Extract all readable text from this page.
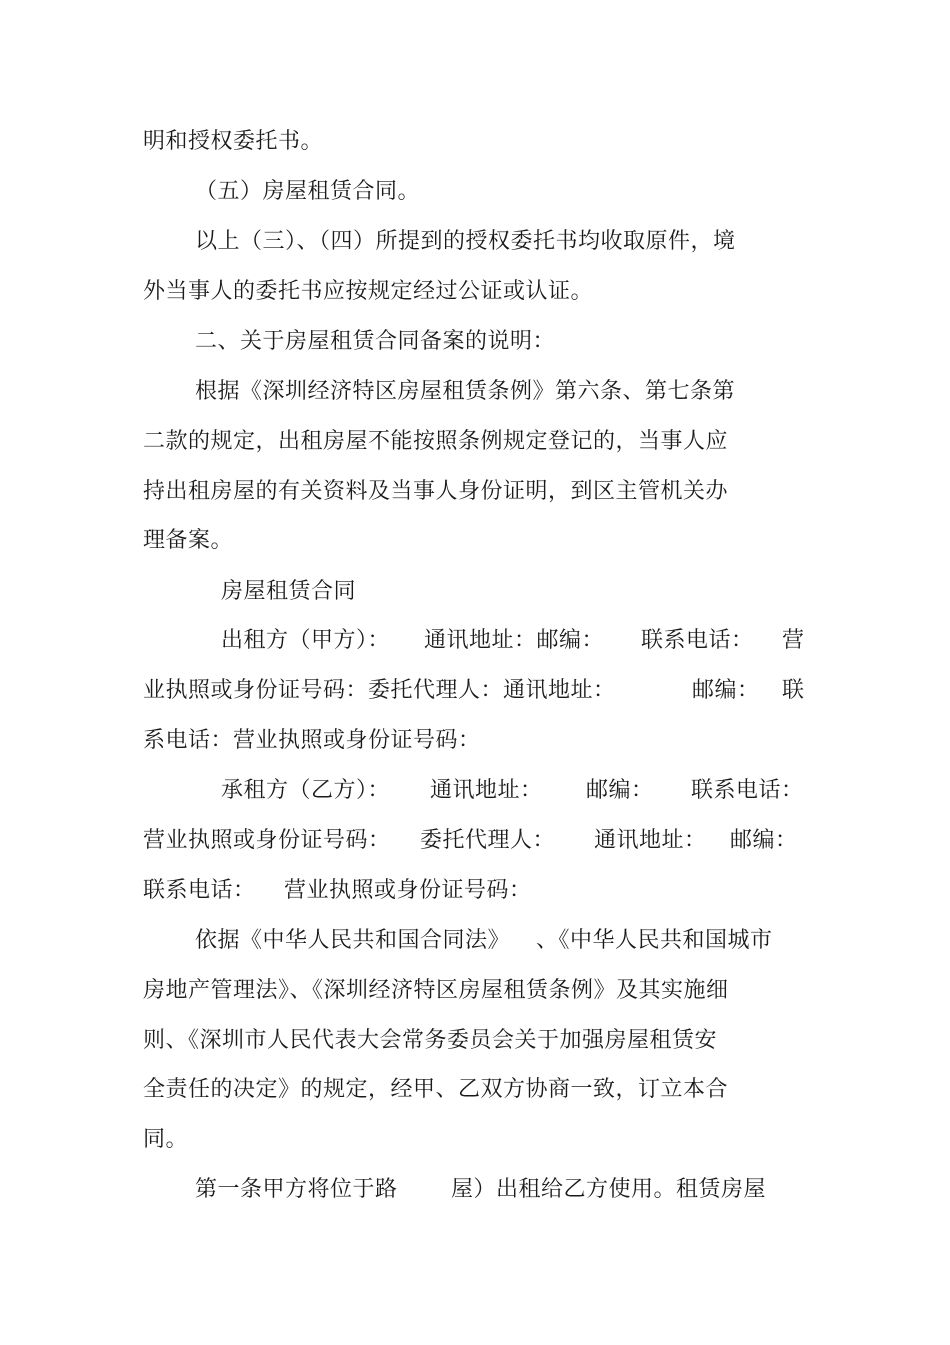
明和授权委托书。
（五）房屋租赁合同。
以上（三）、（四）所提到的授权委托书均收取原件，境
外当事人的委托书应按规定经过公证或认证。
二、关于房屋租赁合同备案的说明：
根据《深圳经济特区房屋租赁条例》第六条、第七条第
二款的规定，出租房屋不能按照条例规定登记的，当事人应
持出租房屋的有关资料及当事人身份证明，到区主管机关办
理备案。
房屋租赁合同
出租方（甲方）： 通讯地址：邮编： 联系电话： 营
业执照或身份证号码：委托代理人：通讯地址：	邮编： 联
系电话：营业执照或身份证号码：
承租方（乙方）： 通讯地址： 邮编： 联系电话：
营业执照或身份证号码： 委托代理人： 通讯地址： 邮编：
联系电话： 营业执照或身份证号码：
依据《中华人民共和国合同法》 、《中华人民共和国城市
房地产管理法》、《深圳经济特区房屋租赁条例》及其实施细
则、《深圳市人民代表大会常务委员会关于加强房屋租赁安
全责任的决定》的规定，经甲、乙双方协商一致，订立本合
同。
第一条甲方将位于路 屋）出租给乙方使用。租赁房屋
